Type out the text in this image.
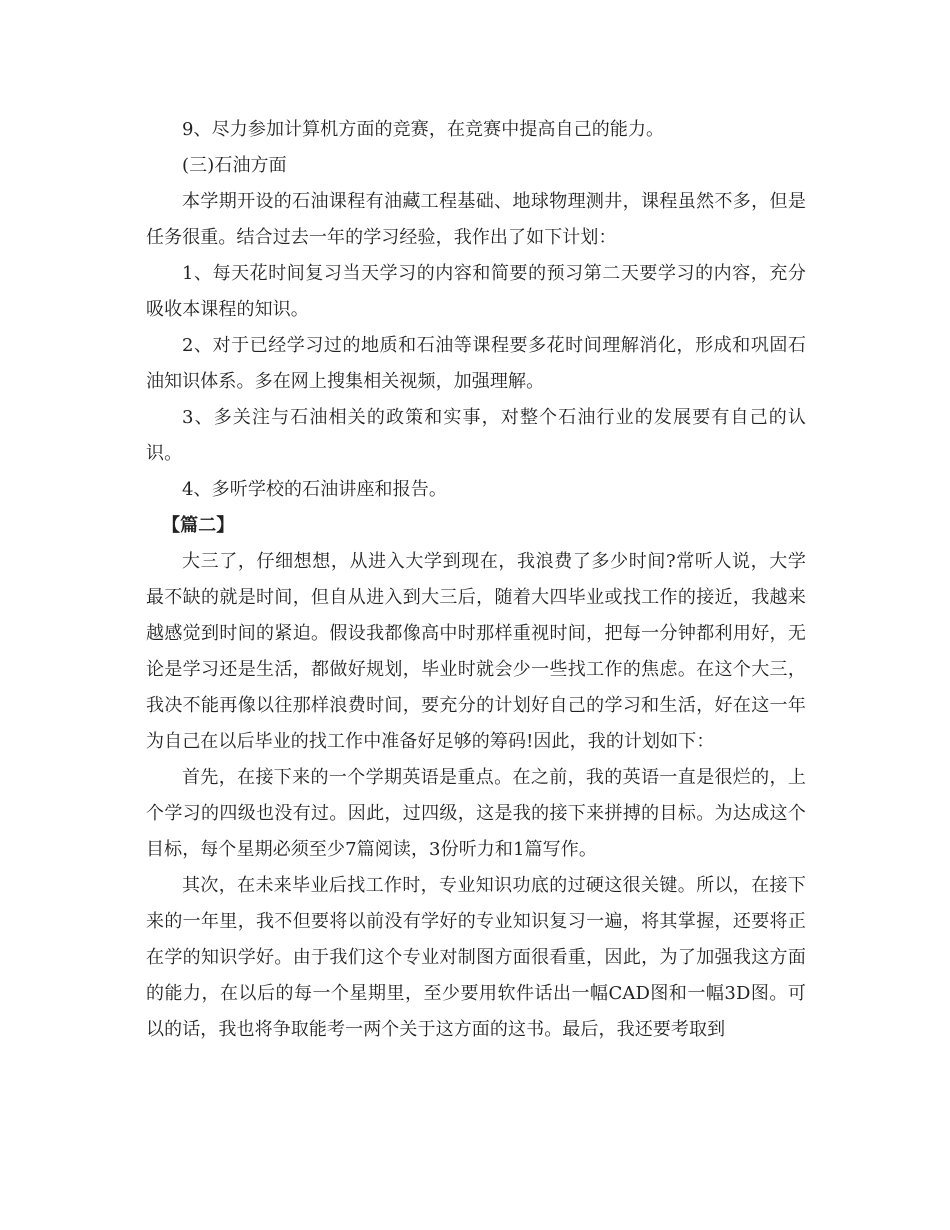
9、尽力参加计算机方面的竞赛，在竞赛中提高自己的能力。

(三)石油方面

本学期开设的石油课程有油藏工程基础、地球物理测井，课程虽然不多，但是任务很重。结合过去一年的学习经验，我作出了如下计划：

1、每天花时间复习当天学习的内容和简要的预习第二天要学习的内容，充分吸收本课程的知识。

2、对于已经学习过的地质和石油等课程要多花时间理解消化，形成和巩固石油知识体系。多在网上搜集相关视频，加强理解。

3、多关注与石油相关的政策和实事，对整个石油行业的发展要有自己的认识。

4、多听学校的石油讲座和报告。

【篇二】

大三了，仔细想想，从进入大学到现在，我浪费了多少时间?常听人说，大学最不缺的就是时间，但自从进入到大三后，随着大四毕业或找工作的接近，我越来越感觉到时间的紧迫。假设我都像高中时那样重视时间，把每一分钟都利用好，无论是学习还是生活，都做好规划，毕业时就会少一些找工作的焦虑。在这个大三，我决不能再像以往那样浪费时间，要充分的计划好自己的学习和生活，好在这一年为自己在以后毕业的找工作中准备好足够的筹码!因此，我的计划如下：

首先，在接下来的一个学期英语是重点。在之前，我的英语一直是很烂的，上个学习的四级也没有过。因此，过四级，这是我的接下来拼搏的目标。为达成这个目标，每个星期必须至少7篇阅读，3份听力和1篇写作。

其次，在未来毕业后找工作时，专业知识功底的过硬这很关键。所以，在接下来的一年里，我不但要将以前没有学好的专业知识复习一遍，将其掌握，还要将正在学的知识学好。由于我们这个专业对制图方面很看重，因此，为了加强我这方面的能力，在以后的每一个星期里，至少要用软件话出一幅CAD图和一幅3D图。可以的话，我也将争取能考一两个关于这方面的这书。最后，我还要考取到
